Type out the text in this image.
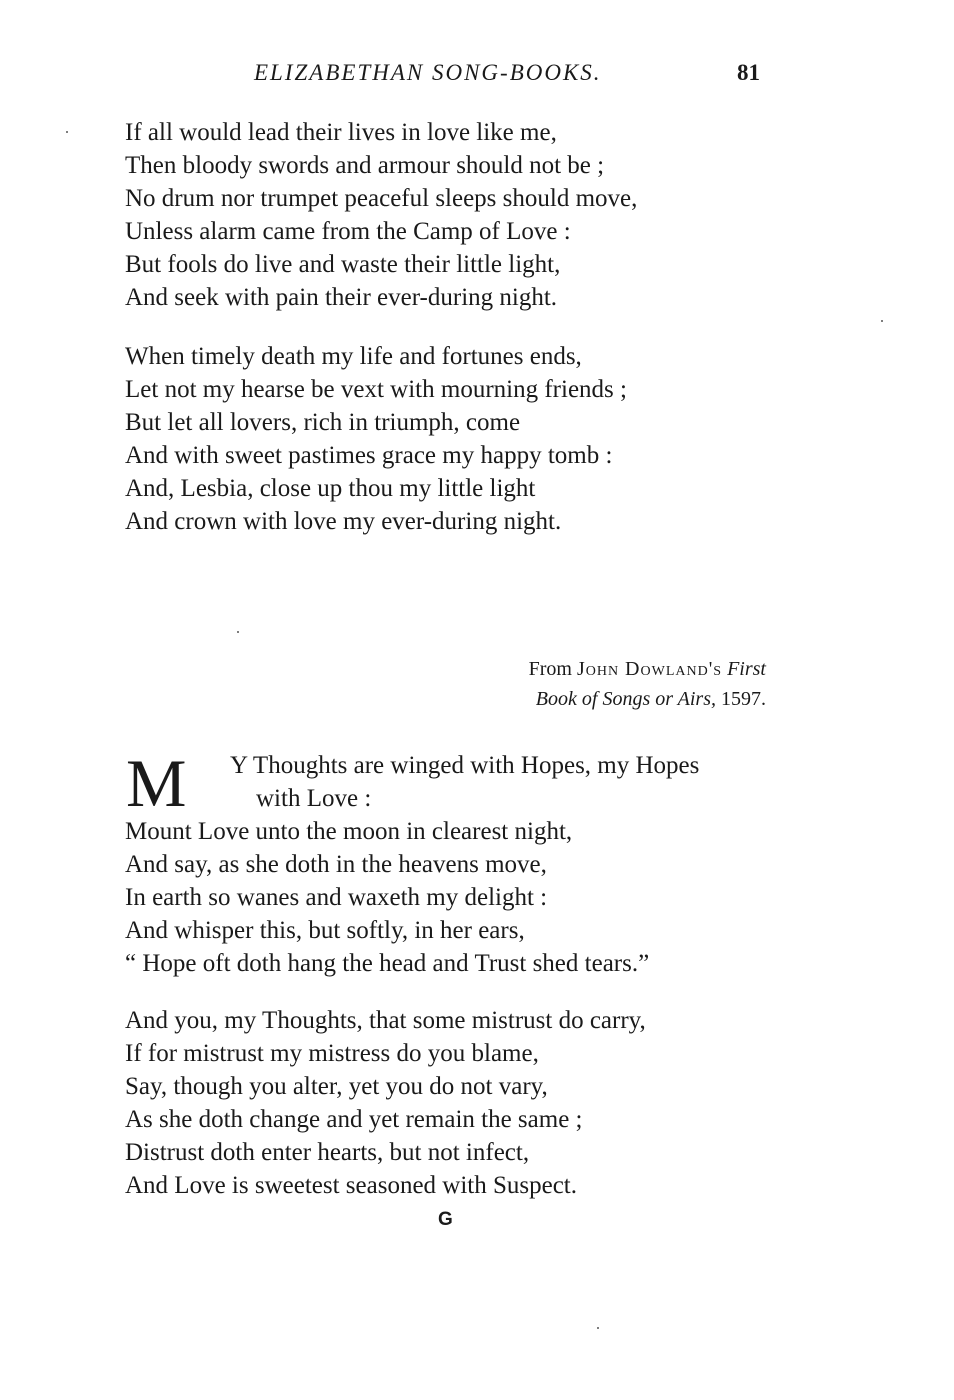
ELIZABETHAN SONG-BOOKS.	81
If all would lead their lives in love like me,
Then bloody swords and armour should not be ;
No drum nor trumpet peaceful sleeps should move,
Unless alarm came from the Camp of Love :
But fools do live and waste their little light,
And seek with pain their ever-during night.
When timely death my life and fortunes ends,
Let not my hearse be vext with mourning friends ;
But let all lovers, rich in triumph, come
And with sweet pastimes grace my happy tomb :
And, Lesbia, close up thou my little light
And crown with love my ever-during night.
From John Dowland's First
Book of Songs or Airs, 1597.
M Y Thoughts are winged with Hopes, my Hopes
with Love :
Mount Love unto the moon in clearest night,
And say, as she doth in the heavens move,
In earth so wanes and waxeth my delight :
And whisper this, but softly, in her ears,
“ Hope oft doth hang the head and Trust shed tears.”
And you, my Thoughts, that some mistrust do carry,
If for mistrust my mistress do you blame,
Say, though you alter, yet you do not vary,
As she doth change and yet remain the same ;
Distrust doth enter hearts, but not infect,
And Love is sweetest seasoned with Suspect.
G
